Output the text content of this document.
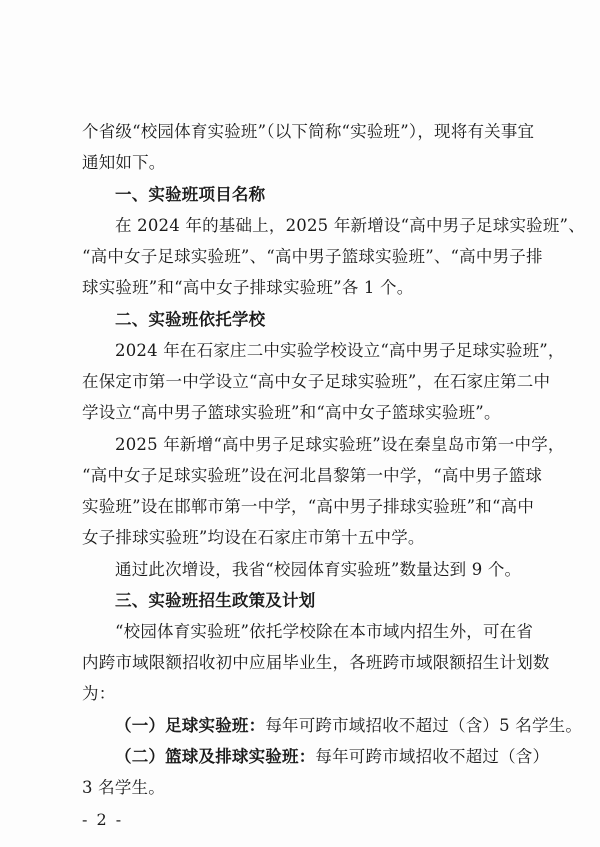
个省级“校园体育实验班”（以下简称“实验班”），现将有关事宜
通知如下。
一、实验班项目名称
在 2024 年的基础上，2025 年新增设“高中男子足球实验班”、
“高中女子足球实验班”、“高中男子篮球实验班”、“高中男子排
球实验班”和“高中女子排球实验班”各 1 个。
二、实验班依托学校
2024 年在石家庄二中实验学校设立“高中男子足球实验班”，
在保定市第一中学设立“高中女子足球实验班”，在石家庄第二中
学设立“高中男子篮球实验班”和“高中女子篮球实验班”。
2025 年新增“高中男子足球实验班”设在秦皇岛市第一中学，
“高中女子足球实验班”设在河北昌黎第一中学，“高中男子篮球
实验班”设在邯郸市第一中学，“高中男子排球实验班”和“高中
女子排球实验班”均设在石家庄市第十五中学。
通过此次增设，我省“校园体育实验班”数量达到 9 个。
三、实验班招生政策及计划
“校园体育实验班”依托学校除在本市域内招生外，可在省
内跨市域限额招收初中应届毕业生，各班跨市域限额招生计划数
为：
（一）足球实验班：每年可跨市域招收不超过（含）5 名学生。
（二）篮球及排球实验班：每年可跨市域招收不超过（含）
3 名学生。
- 2 -
